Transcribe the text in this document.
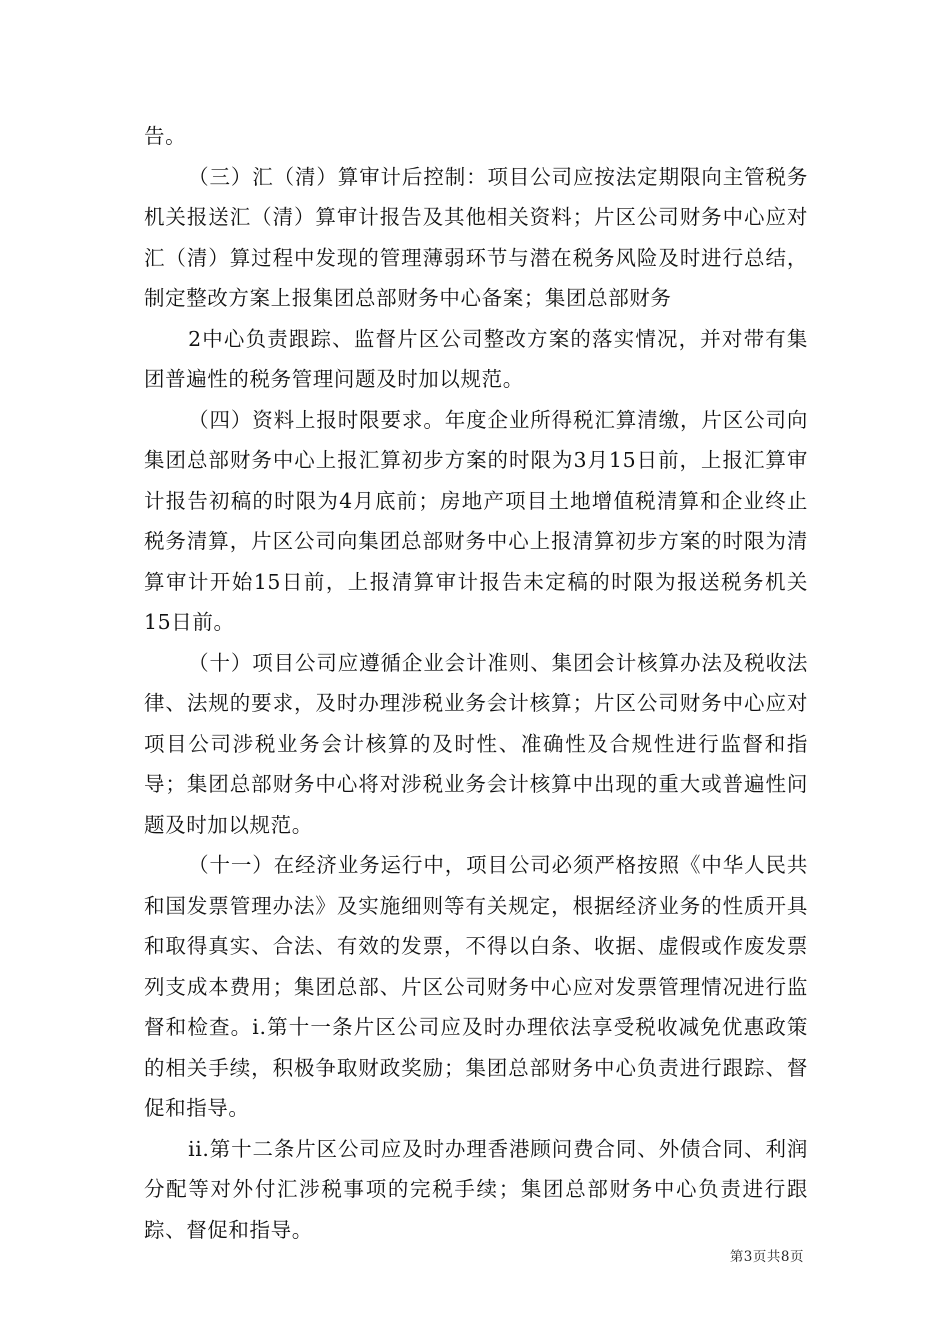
告。

（三）汇（清）算审计后控制：项目公司应按法定期限向主管税务机关报送汇（清）算审计报告及其他相关资料；片区公司财务中心应对汇（清）算过程中发现的管理薄弱环节与潜在税务风险及时进行总结，制定整改方案上报集团总部财务中心备案；集团总部财务

2中心负责跟踪、监督片区公司整改方案的落实情况，并对带有集团普遍性的税务管理问题及时加以规范。

（四）资料上报时限要求。年度企业所得税汇算清缴，片区公司向集团总部财务中心上报汇算初步方案的时限为3月15日前，上报汇算审计报告初稿的时限为4月底前；房地产项目土地增值税清算和企业终止税务清算，片区公司向集团总部财务中心上报清算初步方案的时限为清算审计开始15日前，上报清算审计报告未定稿的时限为报送税务机关15日前。

（十）项目公司应遵循企业会计准则、集团会计核算办法及税收法律、法规的要求，及时办理涉税业务会计核算；片区公司财务中心应对项目公司涉税业务会计核算的及时性、准确性及合规性进行监督和指导；集团总部财务中心将对涉税业务会计核算中出现的重大或普遍性问题及时加以规范。

（十一）在经济业务运行中，项目公司必须严格按照《中华人民共和国发票管理办法》及实施细则等有关规定，根据经济业务的性质开具和取得真实、合法、有效的发票，不得以白条、收据、虚假或作废发票列支成本费用；集团总部、片区公司财务中心应对发票管理情况进行监督和检查。i.第十一条片区公司应及时办理依法享受税收减免优惠政策的相关手续，积极争取财政奖励；集团总部财务中心负责进行跟踪、督促和指导。

ii.第十二条片区公司应及时办理香港顾问费合同、外债合同、利润分配等对外付汇涉税事项的完税手续；集团总部财务中心负责进行跟踪、督促和指导。

第3页共8页
